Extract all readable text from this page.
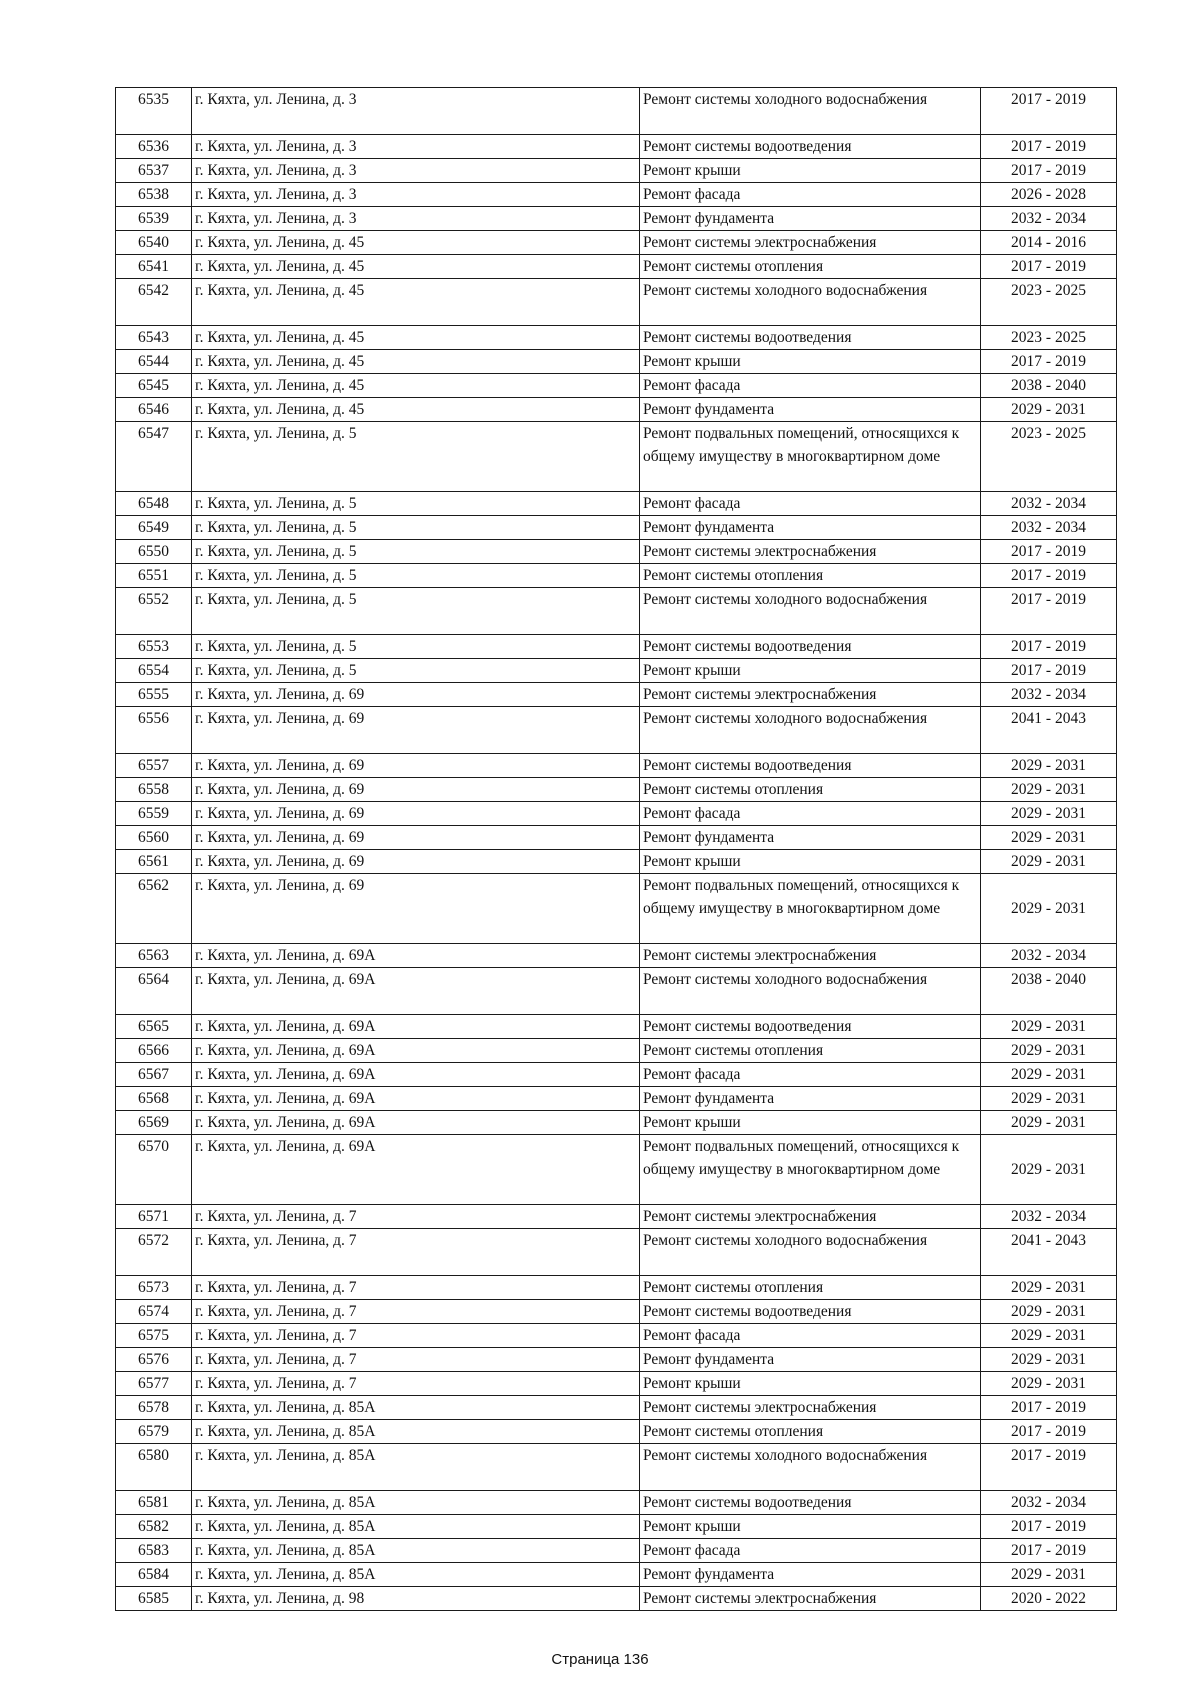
6535	г. Кяхта, ул. Ленина, д. 3	Ремонт системы холодного водоснабжения	2017 - 2019
6536	г. Кяхта, ул. Ленина, д. 3	Ремонт системы водоотведения	2017 - 2019
6537	г. Кяхта, ул. Ленина, д. 3	Ремонт крыши	2017 - 2019
6538	г. Кяхта, ул. Ленина, д. 3	Ремонт фасада	2026 - 2028
6539	г. Кяхта, ул. Ленина, д. 3	Ремонт фундамента	2032 - 2034
6540	г. Кяхта, ул. Ленина, д. 45	Ремонт системы электроснабжения	2014 - 2016
6541	г. Кяхта, ул. Ленина, д. 45	Ремонт системы отопления	2017 - 2019
6542	г. Кяхта, ул. Ленина, д. 45	Ремонт системы холодного водоснабжения	2023 - 2025
6543	г. Кяхта, ул. Ленина, д. 45	Ремонт системы водоотведения	2023 - 2025
6544	г. Кяхта, ул. Ленина, д. 45	Ремонт крыши	2017 - 2019
6545	г. Кяхта, ул. Ленина, д. 45	Ремонт фасада	2038 - 2040
6546	г. Кяхта, ул. Ленина, д. 45	Ремонт фундамента	2029 - 2031
6547	г. Кяхта, ул. Ленина, д. 5	Ремонт подвальных помещений, относящихся к общему имуществу в многоквартирном доме	2023 - 2025
6548	г. Кяхта, ул. Ленина, д. 5	Ремонт фасада	2032 - 2034
6549	г. Кяхта, ул. Ленина, д. 5	Ремонт фундамента	2032 - 2034
6550	г. Кяхта, ул. Ленина, д. 5	Ремонт системы электроснабжения	2017 - 2019
6551	г. Кяхта, ул. Ленина, д. 5	Ремонт системы отопления	2017 - 2019
6552	г. Кяхта, ул. Ленина, д. 5	Ремонт системы холодного водоснабжения	2017 - 2019
6553	г. Кяхта, ул. Ленина, д. 5	Ремонт системы водоотведения	2017 - 2019
6554	г. Кяхта, ул. Ленина, д. 5	Ремонт крыши	2017 - 2019
6555	г. Кяхта, ул. Ленина, д. 69	Ремонт системы электроснабжения	2032 - 2034
6556	г. Кяхта, ул. Ленина, д. 69	Ремонт системы холодного водоснабжения	2041 - 2043
6557	г. Кяхта, ул. Ленина, д. 69	Ремонт системы водоотведения	2029 - 2031
6558	г. Кяхта, ул. Ленина, д. 69	Ремонт системы отопления	2029 - 2031
6559	г. Кяхта, ул. Ленина, д. 69	Ремонт фасада	2029 - 2031
6560	г. Кяхта, ул. Ленина, д. 69	Ремонт фундамента	2029 - 2031
6561	г. Кяхта, ул. Ленина, д. 69	Ремонт крыши	2029 - 2031
6562	г. Кяхта, ул. Ленина, д. 69	Ремонт подвальных помещений, относящихся к общему имуществу в многоквартирном доме	2029 - 2031
6563	г. Кяхта, ул. Ленина, д. 69А	Ремонт системы электроснабжения	2032 - 2034
6564	г. Кяхта, ул. Ленина, д. 69А	Ремонт системы холодного водоснабжения	2038 - 2040
6565	г. Кяхта, ул. Ленина, д. 69А	Ремонт системы водоотведения	2029 - 2031
6566	г. Кяхта, ул. Ленина, д. 69А	Ремонт системы отопления	2029 - 2031
6567	г. Кяхта, ул. Ленина, д. 69А	Ремонт фасада	2029 - 2031
6568	г. Кяхта, ул. Ленина, д. 69А	Ремонт фундамента	2029 - 2031
6569	г. Кяхта, ул. Ленина, д. 69А	Ремонт крыши	2029 - 2031
6570	г. Кяхта, ул. Ленина, д. 69А	Ремонт подвальных помещений, относящихся к общему имуществу в многоквартирном доме	2029 - 2031
6571	г. Кяхта, ул. Ленина, д. 7	Ремонт системы электроснабжения	2032 - 2034
6572	г. Кяхта, ул. Ленина, д. 7	Ремонт системы холодного водоснабжения	2041 - 2043
6573	г. Кяхта, ул. Ленина, д. 7	Ремонт системы отопления	2029 - 2031
6574	г. Кяхта, ул. Ленина, д. 7	Ремонт системы водоотведения	2029 - 2031
6575	г. Кяхта, ул. Ленина, д. 7	Ремонт фасада	2029 - 2031
6576	г. Кяхта, ул. Ленина, д. 7	Ремонт фундамента	2029 - 2031
6577	г. Кяхта, ул. Ленина, д. 7	Ремонт крыши	2029 - 2031
6578	г. Кяхта, ул. Ленина, д. 85А	Ремонт системы электроснабжения	2017 - 2019
6579	г. Кяхта, ул. Ленина, д. 85А	Ремонт системы отопления	2017 - 2019
6580	г. Кяхта, ул. Ленина, д. 85А	Ремонт системы холодного водоснабжения	2017 - 2019
6581	г. Кяхта, ул. Ленина, д. 85А	Ремонт системы водоотведения	2032 - 2034
6582	г. Кяхта, ул. Ленина, д. 85А	Ремонт крыши	2017 - 2019
6583	г. Кяхта, ул. Ленина, д. 85А	Ремонт фасада	2017 - 2019
6584	г. Кяхта, ул. Ленина, д. 85А	Ремонт фундамента	2029 - 2031
6585	г. Кяхта, ул. Ленина, д. 98	Ремонт системы электроснабжения	2020 - 2022
Страница 136
